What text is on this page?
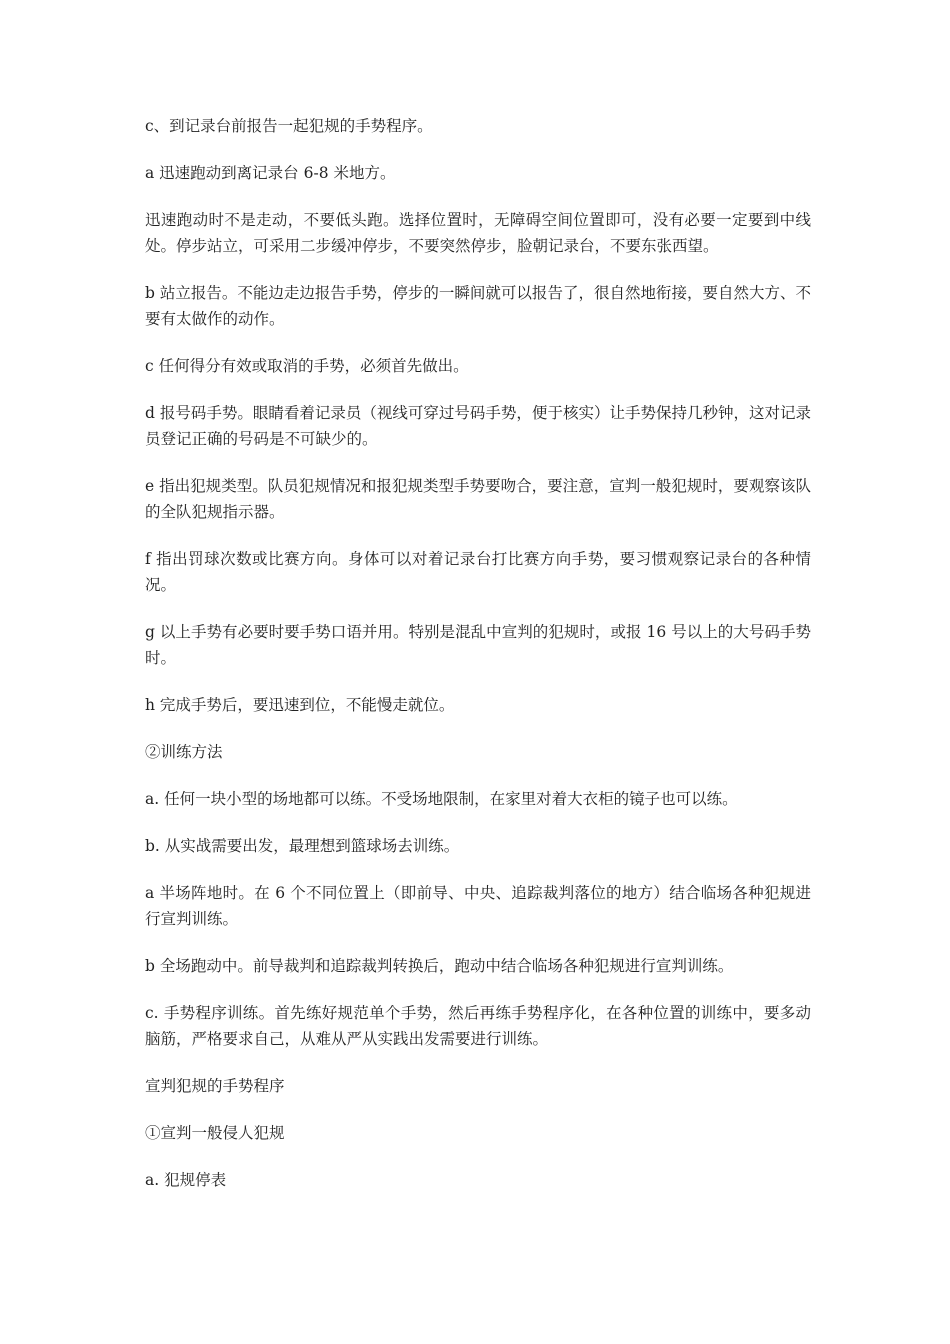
c、到记录台前报告一起犯规的手势程序。

a 迅速跑动到离记录台 6-8 米地方。

迅速跑动时不是走动，不要低头跑。选择位置时，无障碍空间位置即可，没有必要一定要到中线处。停步站立，可采用二步缓冲停步，不要突然停步，脸朝记录台，不要东张西望。

b 站立报告。不能边走边报告手势，停步的一瞬间就可以报告了，很自然地衔接，要自然大方、不要有太做作的动作。

c 任何得分有效或取消的手势，必须首先做出。

d 报号码手势。眼睛看着记录员（视线可穿过号码手势，便于核实）让手势保持几秒钟，这对记录员登记正确的号码是不可缺少的。

e 指出犯规类型。队员犯规情况和报犯规类型手势要吻合，要注意，宣判一般犯规时，要观察该队的全队犯规指示器。

f 指出罚球次数或比赛方向。身体可以对着记录台打比赛方向手势，要习惯观察记录台的各种情况。

g 以上手势有必要时要手势口语并用。特别是混乱中宣判的犯规时，或报 16 号以上的大号码手势时。

h 完成手势后，要迅速到位，不能慢走就位。

②训练方法

a. 任何一块小型的场地都可以练。不受场地限制，在家里对着大衣柜的镜子也可以练。

b. 从实战需要出发，最理想到篮球场去训练。

a 半场阵地时。在 6 个不同位置上（即前导、中央、追踪裁判落位的地方）结合临场各种犯规进行宣判训练。

b 全场跑动中。前导裁判和追踪裁判转换后，跑动中结合临场各种犯规进行宣判训练。

c. 手势程序训练。首先练好规范单个手势，然后再练手势程序化，在各种位置的训练中，要多动脑筋，严格要求自己，从难从严从实践出发需要进行训练。

宣判犯规的手势程序

①宣判一般侵人犯规

a. 犯规停表
